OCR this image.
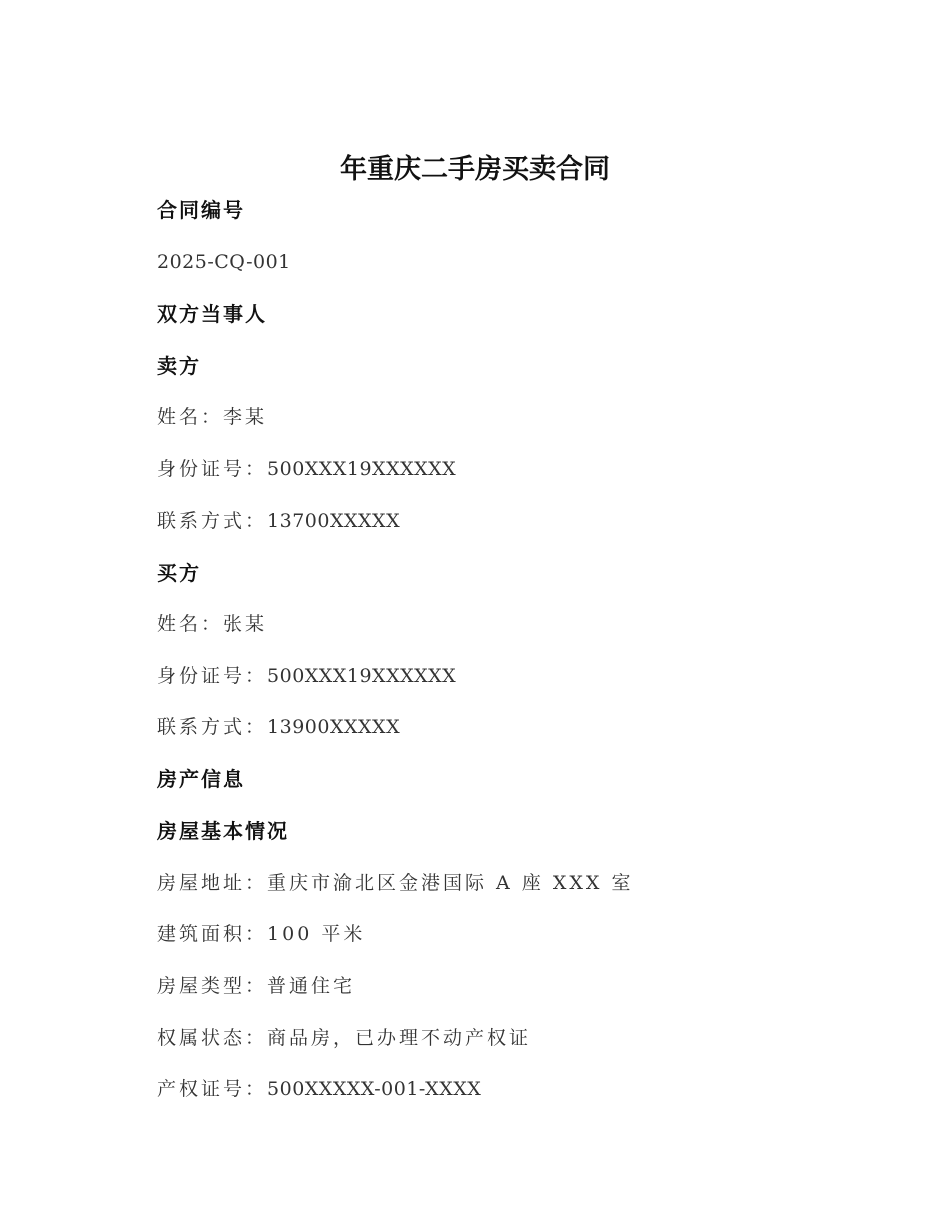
年重庆二手房买卖合同
合同编号
2025-CQ-001
双方当事人
卖方
姓名：李某
身份证号：500XXX19XXXXXX
联系方式：13700XXXXX
买方
姓名：张某
身份证号：500XXX19XXXXXX
联系方式：13900XXXXX
房产信息
房屋基本情况
房屋地址：重庆市渝北区金港国际 A 座 XXX 室
建筑面积：100 平米
房屋类型：普通住宅
权属状态：商品房，已办理不动产权证
产权证号：500XXXXX-001-XXXX
